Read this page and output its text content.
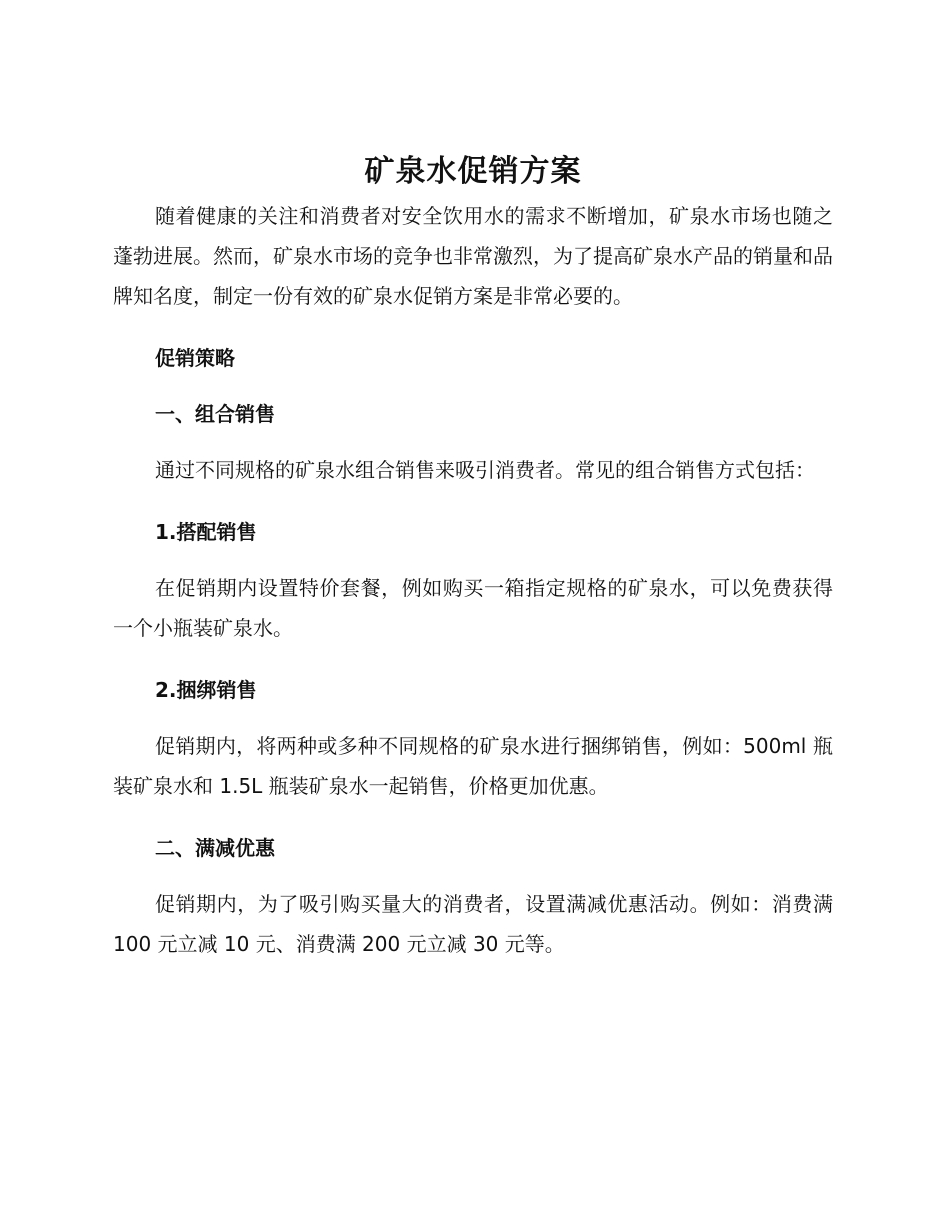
矿泉水促销方案

随着健康的关注和消费者对安全饮用水的需求不断增加，矿泉水市场也随之蓬勃进展。然而，矿泉水市场的竞争也非常激烈，为了提高矿泉水产品的销量和品牌知名度，制定一份有效的矿泉水促销方案是非常必要的。

促销策略
一、组合销售

通过不同规格的矿泉水组合销售来吸引消费者。常见的组合销售方式包括：

1.搭配销售

在促销期内设置特价套餐，例如购买一箱指定规格的矿泉水，可以免费获得一个小瓶装矿泉水。

2.捆绑销售

促销期内，将两种或多种不同规格的矿泉水进行捆绑销售，例如：500ml 瓶装矿泉水和 1.5L 瓶装矿泉水一起销售，价格更加优惠。

二、满减优惠

促销期内，为了吸引购买量大的消费者，设置满减优惠活动。例如：消费满 100 元立减 10 元、消费满 200 元立减 30 元等。
